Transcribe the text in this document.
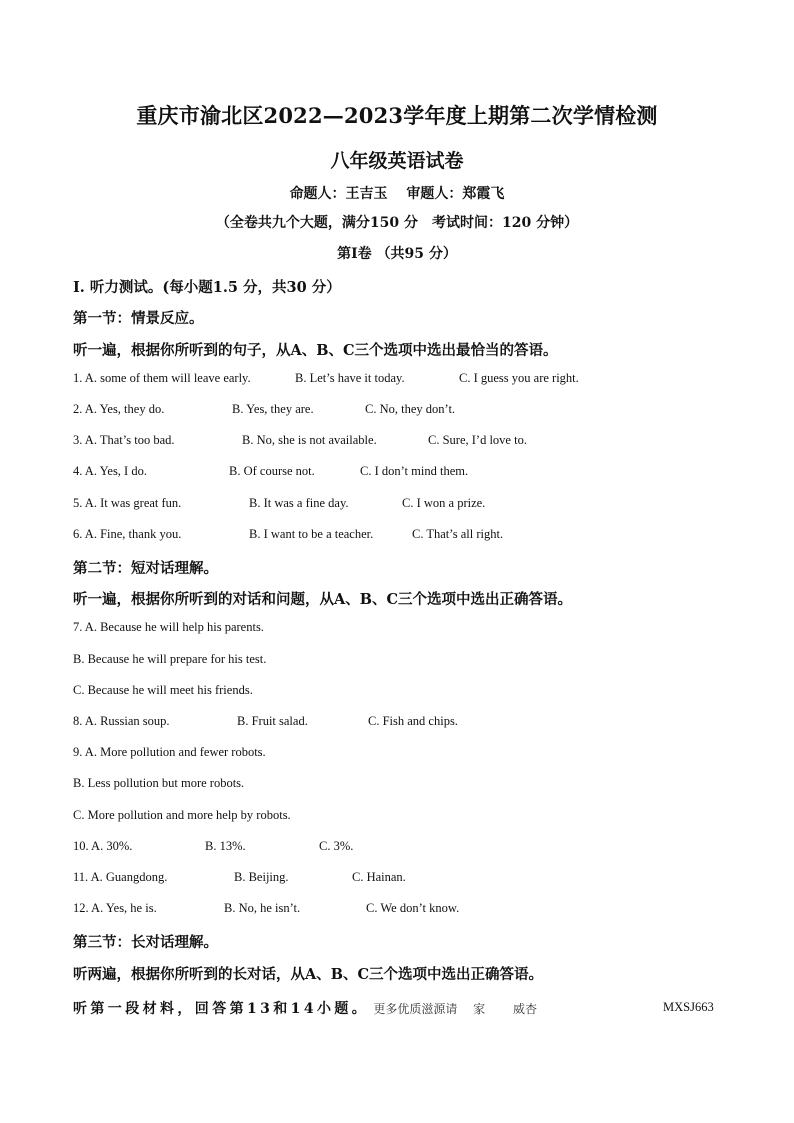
重庆市渝北区2022—2023学年度上期第二次学情检测
八年级英语试卷
命题人：王吉玉　 审题人：郑霞飞
（全卷共九个大题，满分150 分　考试时间：120 分钟）
第I卷 （共95 分）
I. 听力测试。(每小题1.5 分，共30 分）
第一节：情景反应。
听一遍，根据你所听到的句子，从A、B、C三个选项中选出最恰当的答语。
1. A. some of them will leave early.	B. Let’s have it today.	C. I guess you are right.
2. A. Yes, they do.	B. Yes, they are.	C. No, they don’t.
3. A. That’s too bad.	B. No, she is not available.	C. Sure, I’d love to.
4. A. Yes, I do.	B. Of course not.	C. I don’t mind them.
5. A. It was great fun.	B. It was a fine day.	C. I won a prize.
6. A. Fine, thank you.	B. I want to be a teacher.	C. That’s all right.
第二节：短对话理解。
听一遍，根据你所听到的对话和问题，从A、B、C三个选项中选出正确答语。
7. A. Because he will help his parents.
B. Because he will prepare for his test.
C. Because he will meet his friends.
8. A. Russian soup.	B. Fruit salad.	C. Fish and chips.
9. A. More pollution and fewer robots.
B. Less pollution but more robots.
C. More pollution and more help by robots.
10. A. 30%.	B. 13%.	C. 3%.
11. A. Guangdong.	B. Beijing.	C. Hainan.
12. A. Yes, he is.	B. No, he isn’t.	C. We don’t know.
第三节：长对话理解。
听两遍，根据你所听到的长对话，从A、B、C三个选项中选出正确答语。
听第一段材料，回答第13和14小题。 更多优质滋源请　 家　　 威杏	MXSJ663
